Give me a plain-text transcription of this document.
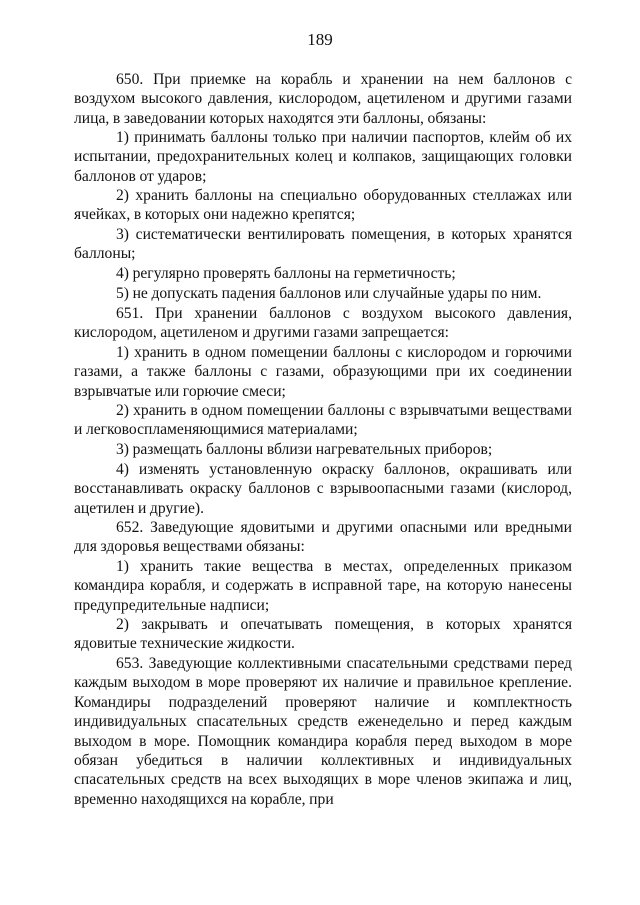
189

650. При приемке на корабль и хранении на нем баллонов с воздухом высокого давления, кислородом, ацетиленом и другими газами лица, в заведовании которых находятся эти баллоны, обязаны:

1) принимать баллоны только при наличии паспортов, клейм об их испытании, предохранительных колец и колпаков, защищающих головки баллонов от ударов;

2) хранить баллоны на специально оборудованных стеллажах или ячейках, в которых они надежно крепятся;

3) систематически вентилировать помещения, в которых хранятся баллоны;

4) регулярно проверять баллоны на герметичность;

5) не допускать падения баллонов или случайные удары по ним.

651. При хранении баллонов с воздухом высокого давления, кислородом, ацетиленом и другими газами запрещается:

1) хранить в одном помещении баллоны с кислородом и горючими газами, а также баллоны с газами, образующими при их соединении взрывчатые или горючие смеси;

2) хранить в одном помещении баллоны с взрывчатыми веществами и легковоспламеняющимися материалами;

3) размещать баллоны вблизи нагревательных приборов;

4) изменять установленную окраску баллонов, окрашивать или восстанавливать окраску баллонов с взрывоопасными газами (кислород, ацетилен и другие).

652. Заведующие ядовитыми и другими опасными или вредными для здоровья веществами обязаны:

1) хранить такие вещества в местах, определенных приказом командира корабля, и содержать в исправной таре, на которую нанесены предупредительные надписи;

2) закрывать и опечатывать помещения, в которых хранятся ядовитые технические жидкости.

653. Заведующие коллективными спасательными средствами перед каждым выходом в море проверяют их наличие и правильное крепление. Командиры подразделений проверяют наличие и комплектность индивидуальных спасательных средств еженедельно и перед каждым выходом в море. Помощник командира корабля перед выходом в море обязан убедиться в наличии коллективных и индивидуальных спасательных средств на всех выходящих в море членов экипажа и лиц, временно находящихся на корабле, при
